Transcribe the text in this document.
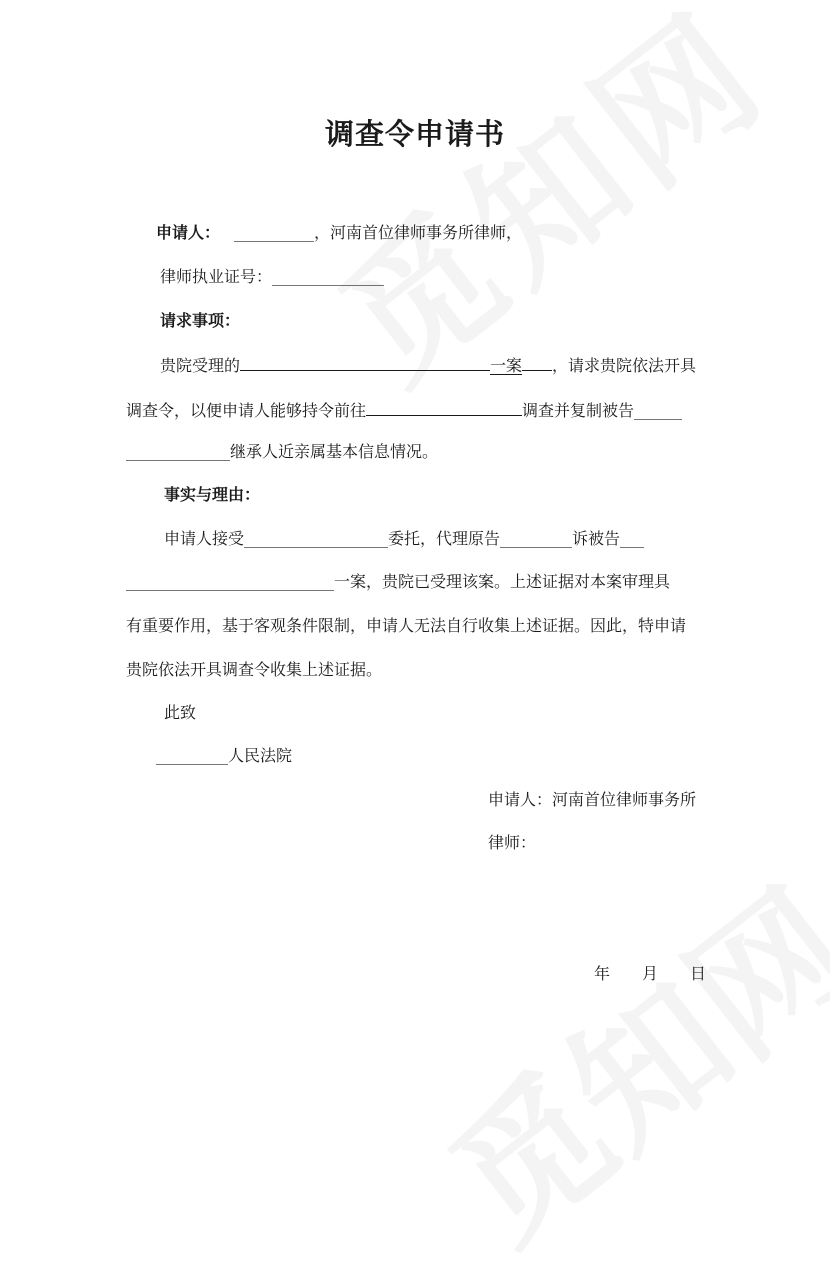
调查令申请书
申请人： __________，河南首位律师事务所律师，
律师执业证号：______________
请求事项：
贵院受理的	一案 ，请求贵院依法开具
调查令，以便申请人能够持令前往	调查并复制被告______
_____________继承人近亲属基本信息情况。
事实与理由：
申请人接受__________________委托，代理原告_________诉被告___
__________________________一案，贵院已受理该案。上述证据对本案审理具
有重要作用，基于客观条件限制，申请人无法自行收集上述证据。因此，特申请
贵院依法开具调查令收集上述证据。
此致
_________人民法院
申请人：河南首位律师事务所
律师：
年 月 日
